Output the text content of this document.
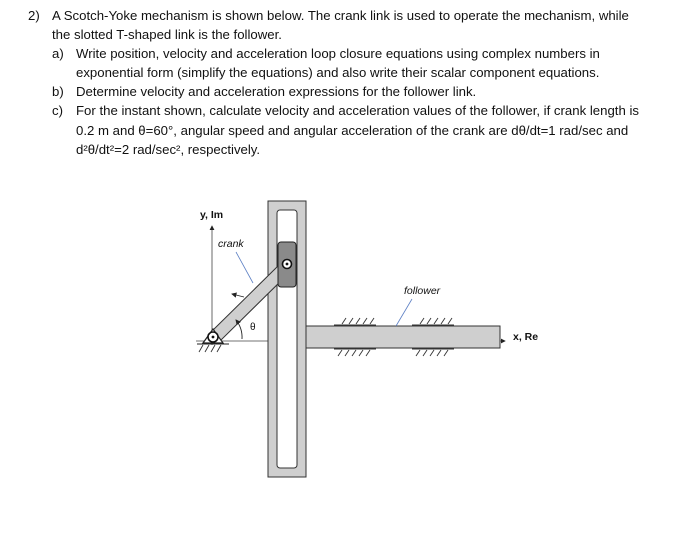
2) A Scotch-Yoke mechanism is shown below. The crank link is used to operate the mechanism, while
the slotted T-shaped link is the follower.
a) Write position, velocity and acceleration loop closure equations using complex numbers in
exponential form (simplify the equations) and also write their scalar component equations.
b) Determine velocity and acceleration expressions for the follower link.
c) For the instant shown, calculate velocity and acceleration values of the follower, if crank length is
0.2 m and θ=60°, angular speed and angular acceleration of the crank are dθ/dt=1 rad/sec and
d²θ/dt²=2 rad/sec², respectively.
y, Im
x, Re
follower
θ
crank
